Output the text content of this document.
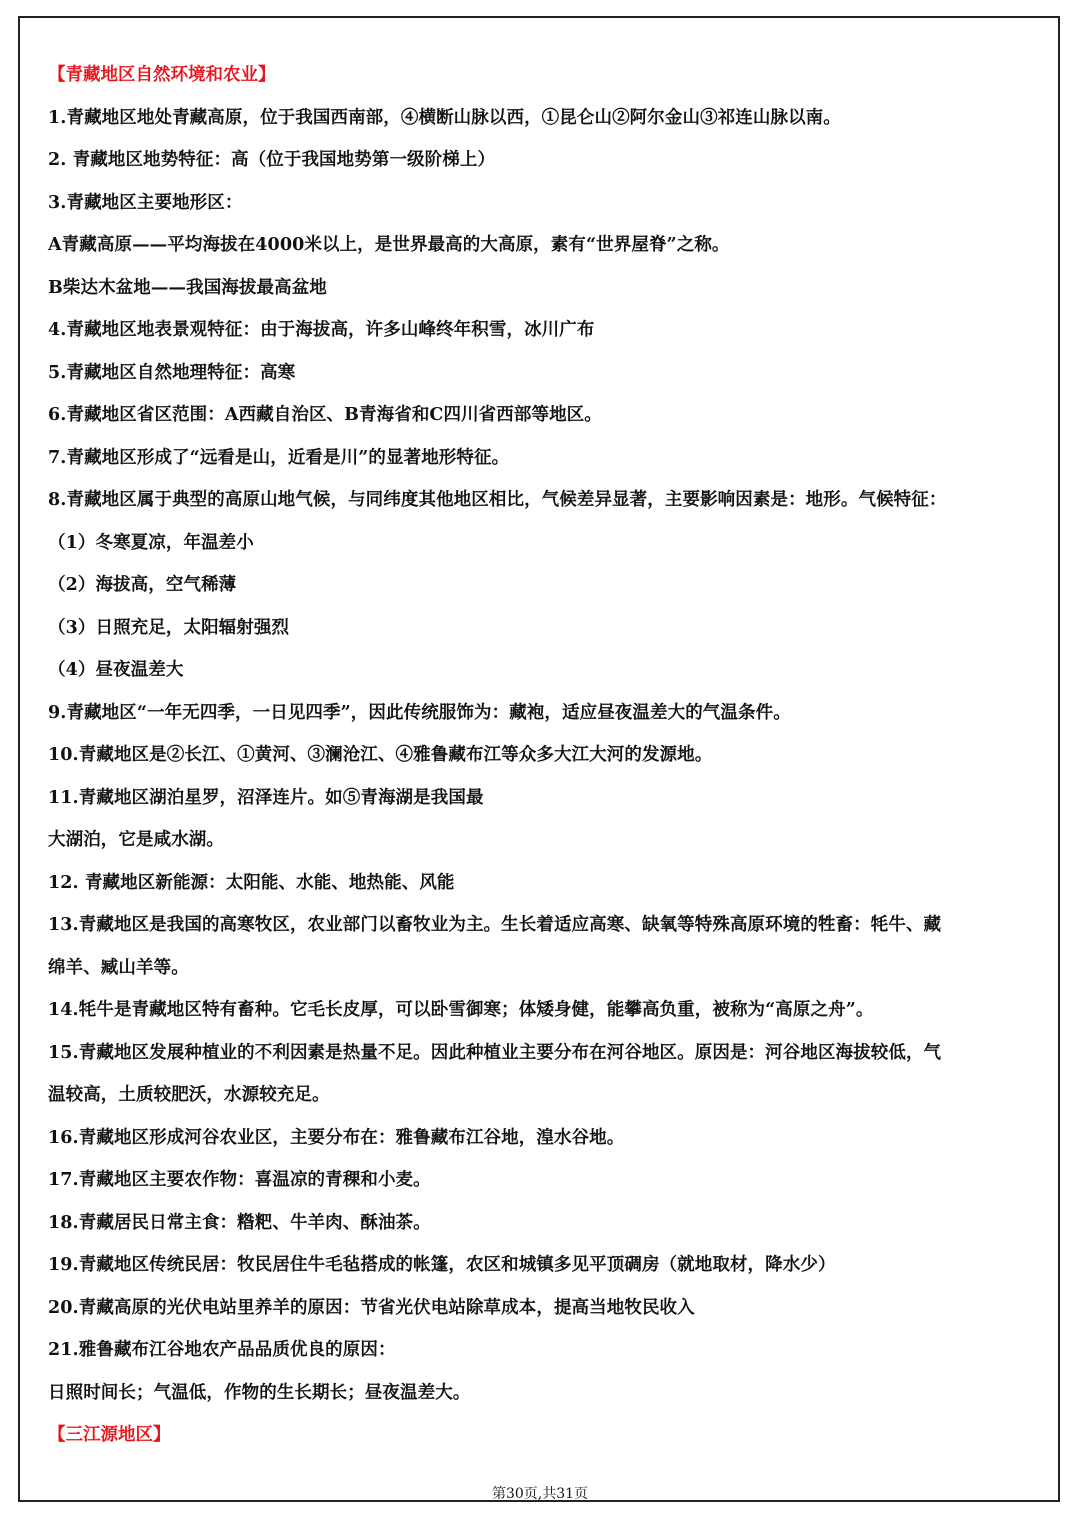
【青藏地区自然环境和农业】
1.青藏地区地处青藏高原，位于我国西南部，④横断山脉以西，①昆仑山②阿尔金山③祁连山脉以南。
2. 青藏地区地势特征：高（位于我国地势第一级阶梯上）
3.青藏地区主要地形区：
A青藏高原——平均海拔在4000米以上，是世界最高的大高原，素有“世界屋脊”之称。
B柴达木盆地——我国海拔最高盆地
4.青藏地区地表景观特征：由于海拔高，许多山峰终年积雪，冰川广布
5.青藏地区自然地理特征：高寒
6.青藏地区省区范围：A西藏自治区、B青海省和C四川省西部等地区。
7.青藏地区形成了“远看是山，近看是川”的显著地形特征。
8.青藏地区属于典型的高原山地气候，与同纬度其他地区相比，气候差异显著，主要影响因素是：地形。气候特征：
（1）冬寒夏凉，年温差小
（2）海拔高，空气稀薄
（3）日照充足，太阳辐射强烈
（4）昼夜温差大
9.青藏地区“一年无四季，一日见四季”，因此传统服饰为：藏袍，适应昼夜温差大的气温条件。
10.青藏地区是②长江、①黄河、③澜沧江、④雅鲁藏布江等众多大江大河的发源地。
11.青藏地区湖泊星罗，沼泽连片。如⑤青海湖是我国最
大湖泊，它是咸水湖。
12. 青藏地区新能源：太阳能、水能、地热能、风能
13.青藏地区是我国的高寒牧区，农业部门以畜牧业为主。生长着适应高寒、缺氧等特殊高原环境的牲畜：牦牛、藏
绵羊、臧山羊等。
14.牦牛是青藏地区特有畜种。它毛长皮厚，可以卧雪御寒；体矮身健，能攀高负重，被称为“高原之舟”。
15.青藏地区发展种植业的不利因素是热量不足。因此种植业主要分布在河谷地区。原因是：河谷地区海拔较低，气
温较高，土质较肥沃，水源较充足。
16.青藏地区形成河谷农业区，主要分布在：雅鲁藏布江谷地，湟水谷地。
17.青藏地区主要农作物：喜温凉的青稞和小麦。
18.青藏居民日常主食：糌粑、牛羊肉、酥油茶。
19.青藏地区传统民居：牧民居住牛毛毡搭成的帐篷，农区和城镇多见平顶碉房（就地取材，降水少）
20.青藏高原的光伏电站里养羊的原因：节省光伏电站除草成本，提高当地牧民收入
21.雅鲁藏布江谷地农产品品质优良的原因：
日照时间长；气温低，作物的生长期长；昼夜温差大。
【三江源地区】
第30页,共31页
